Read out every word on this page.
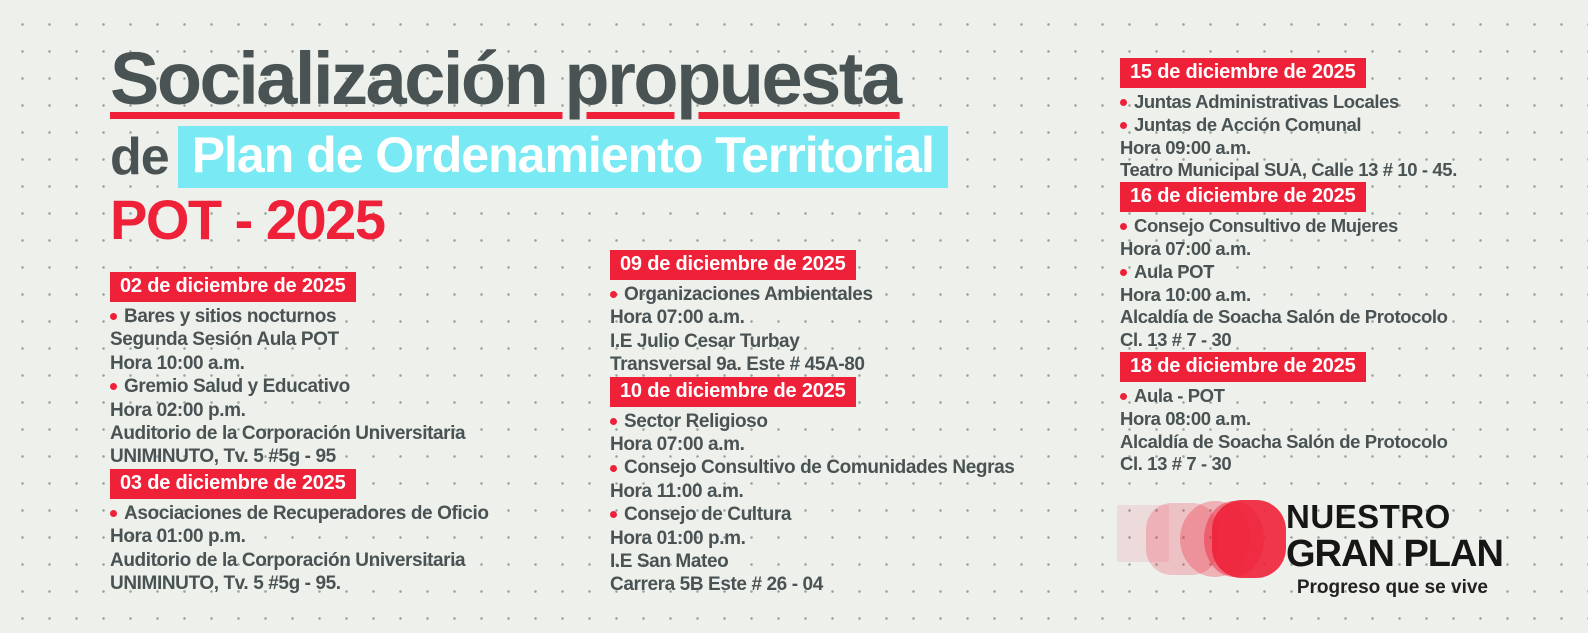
Socialización propuesta
de Plan de Ordenamiento Territorial
POT - 2025
02 de diciembre de 2025
Bares y sitios nocturnos
Segunda Sesión Aula POT
Hora 10:00 a.m.
Gremio Salud y Educativo
Hora 02:00 p.m.
Auditorio de la Corporación Universitaria
UNIMINUTO, Tv. 5 #5g - 95
03 de diciembre de 2025
Asociaciones de Recuperadores de Oficio
Hora 01:00 p.m.
Auditorio de la Corporación Universitaria
UNIMINUTO, Tv. 5 #5g - 95.
09 de diciembre de 2025
Organizaciones Ambientales
Hora 07:00 a.m.
I.E Julio Cesar Turbay
Transversal 9a. Este # 45A-80
10 de diciembre de 2025
Sector Religioso
Hora 07:00 a.m.
Consejo Consultivo de Comunidades Negras
Hora 11:00 a.m.
Consejo de Cultura
Hora 01:00 p.m.
I.E San Mateo
Carrera 5B Este # 26 - 04
15 de diciembre de 2025
Juntas Administrativas Locales
Juntas de Acción Comunal
Hora 09:00 a.m.
Teatro Municipal SUA, Calle 13 # 10 - 45.
16 de diciembre de 2025
Consejo Consultivo de Mujeres
Hora 07:00 a.m.
Aula POT
Hora 10:00 a.m.
Alcaldía de Soacha Salón de Protocolo
Cl. 13 # 7 - 30
18 de diciembre de 2025
Aula - POT
Hora 08:00 a.m.
Alcaldía de Soacha Salón de Protocolo
Cl. 13 # 7 - 30
NUESTRO
GRAN PLAN
Progreso que se vive
